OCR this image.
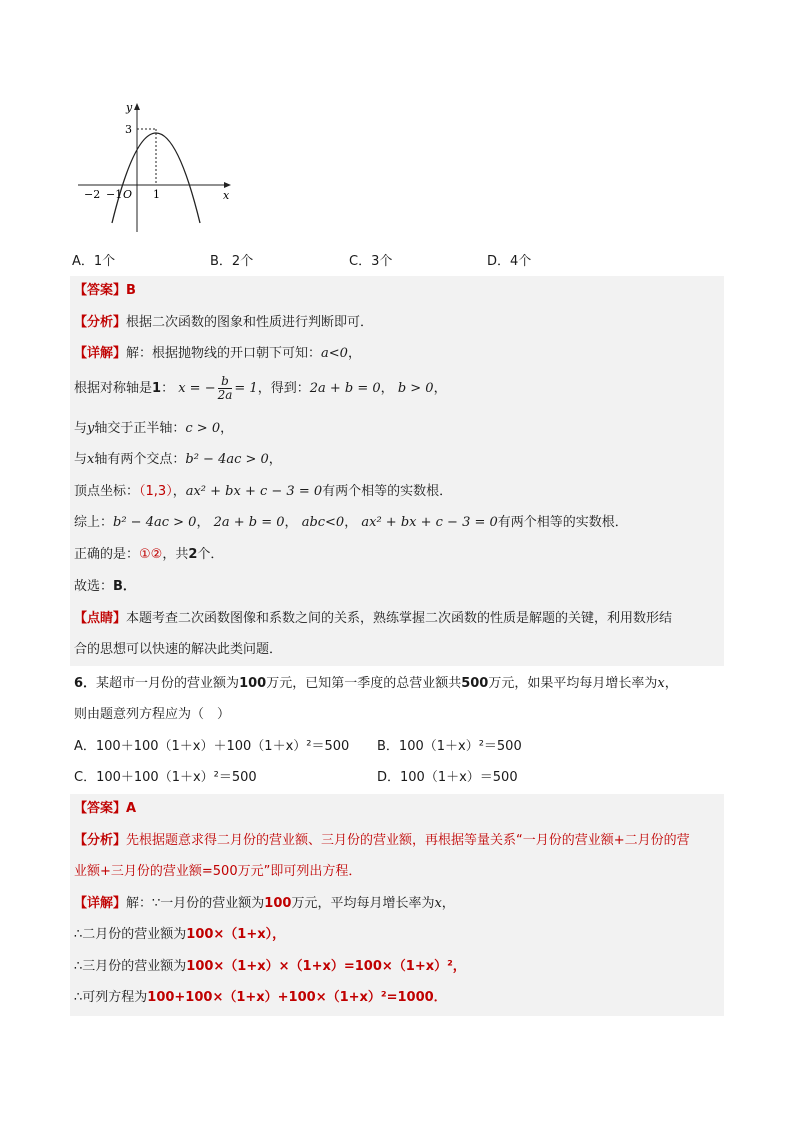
y
x
O
3
−2 −1	1
A．1个	B．2个	C．3个	D．4个
【答案】B
【分析】根据二次函数的图象和性质进行判断即可．
【详解】解：根据抛物线的开口朝下可知：a<0，
根据对称轴是1： x = − $\frac{b}{2a} = 1$，得到：2a + b = 0， b > 0，
与y轴交于正半轴：c > 0，
与x轴有两个交点：b² − 4ac > 0，
顶点坐标：（1,3），ax² + bx + c − 3 = 0有两个相等的实数根．
综上：b² − 4ac > 0， 2a + b = 0， abc<0， ax² + bx + c − 3 = 0有两个相等的实数根．
正确的是：①②，共2个．
故选：B．
【点睛】本题考查二次函数图像和系数之间的关系，熟练掌握二次函数的性质是解题的关键，利用数形结
合的思想可以快速的解决此类问题．
6．某超市一月份的营业额为100万元，已知第一季度的总营业额共500万元，如果平均每月增长率为x，
则由题意列方程应为（　）
A．100＋100（1＋x）＋100（1＋x）²＝500 B．100（1＋x）²＝500
C．100＋100（1＋x）²＝500	D．100（1＋x）＝500
【答案】A
【分析】先根据题意求得二月份的营业额、三月份的营业额，再根据等量关系“一月份的营业额+二月份的营
业额+三月份的营业额=500万元”即可列出方程．
【详解】解：∵一月份的营业额为100万元，平均每月增长率为x，
∴二月份的营业额为100×（1+x），
∴三月份的营业额为100×（1+x）×（1+x）=100×（1+x）²，
∴可列方程为100+100×（1+x）+100×（1+x）²=1000．
